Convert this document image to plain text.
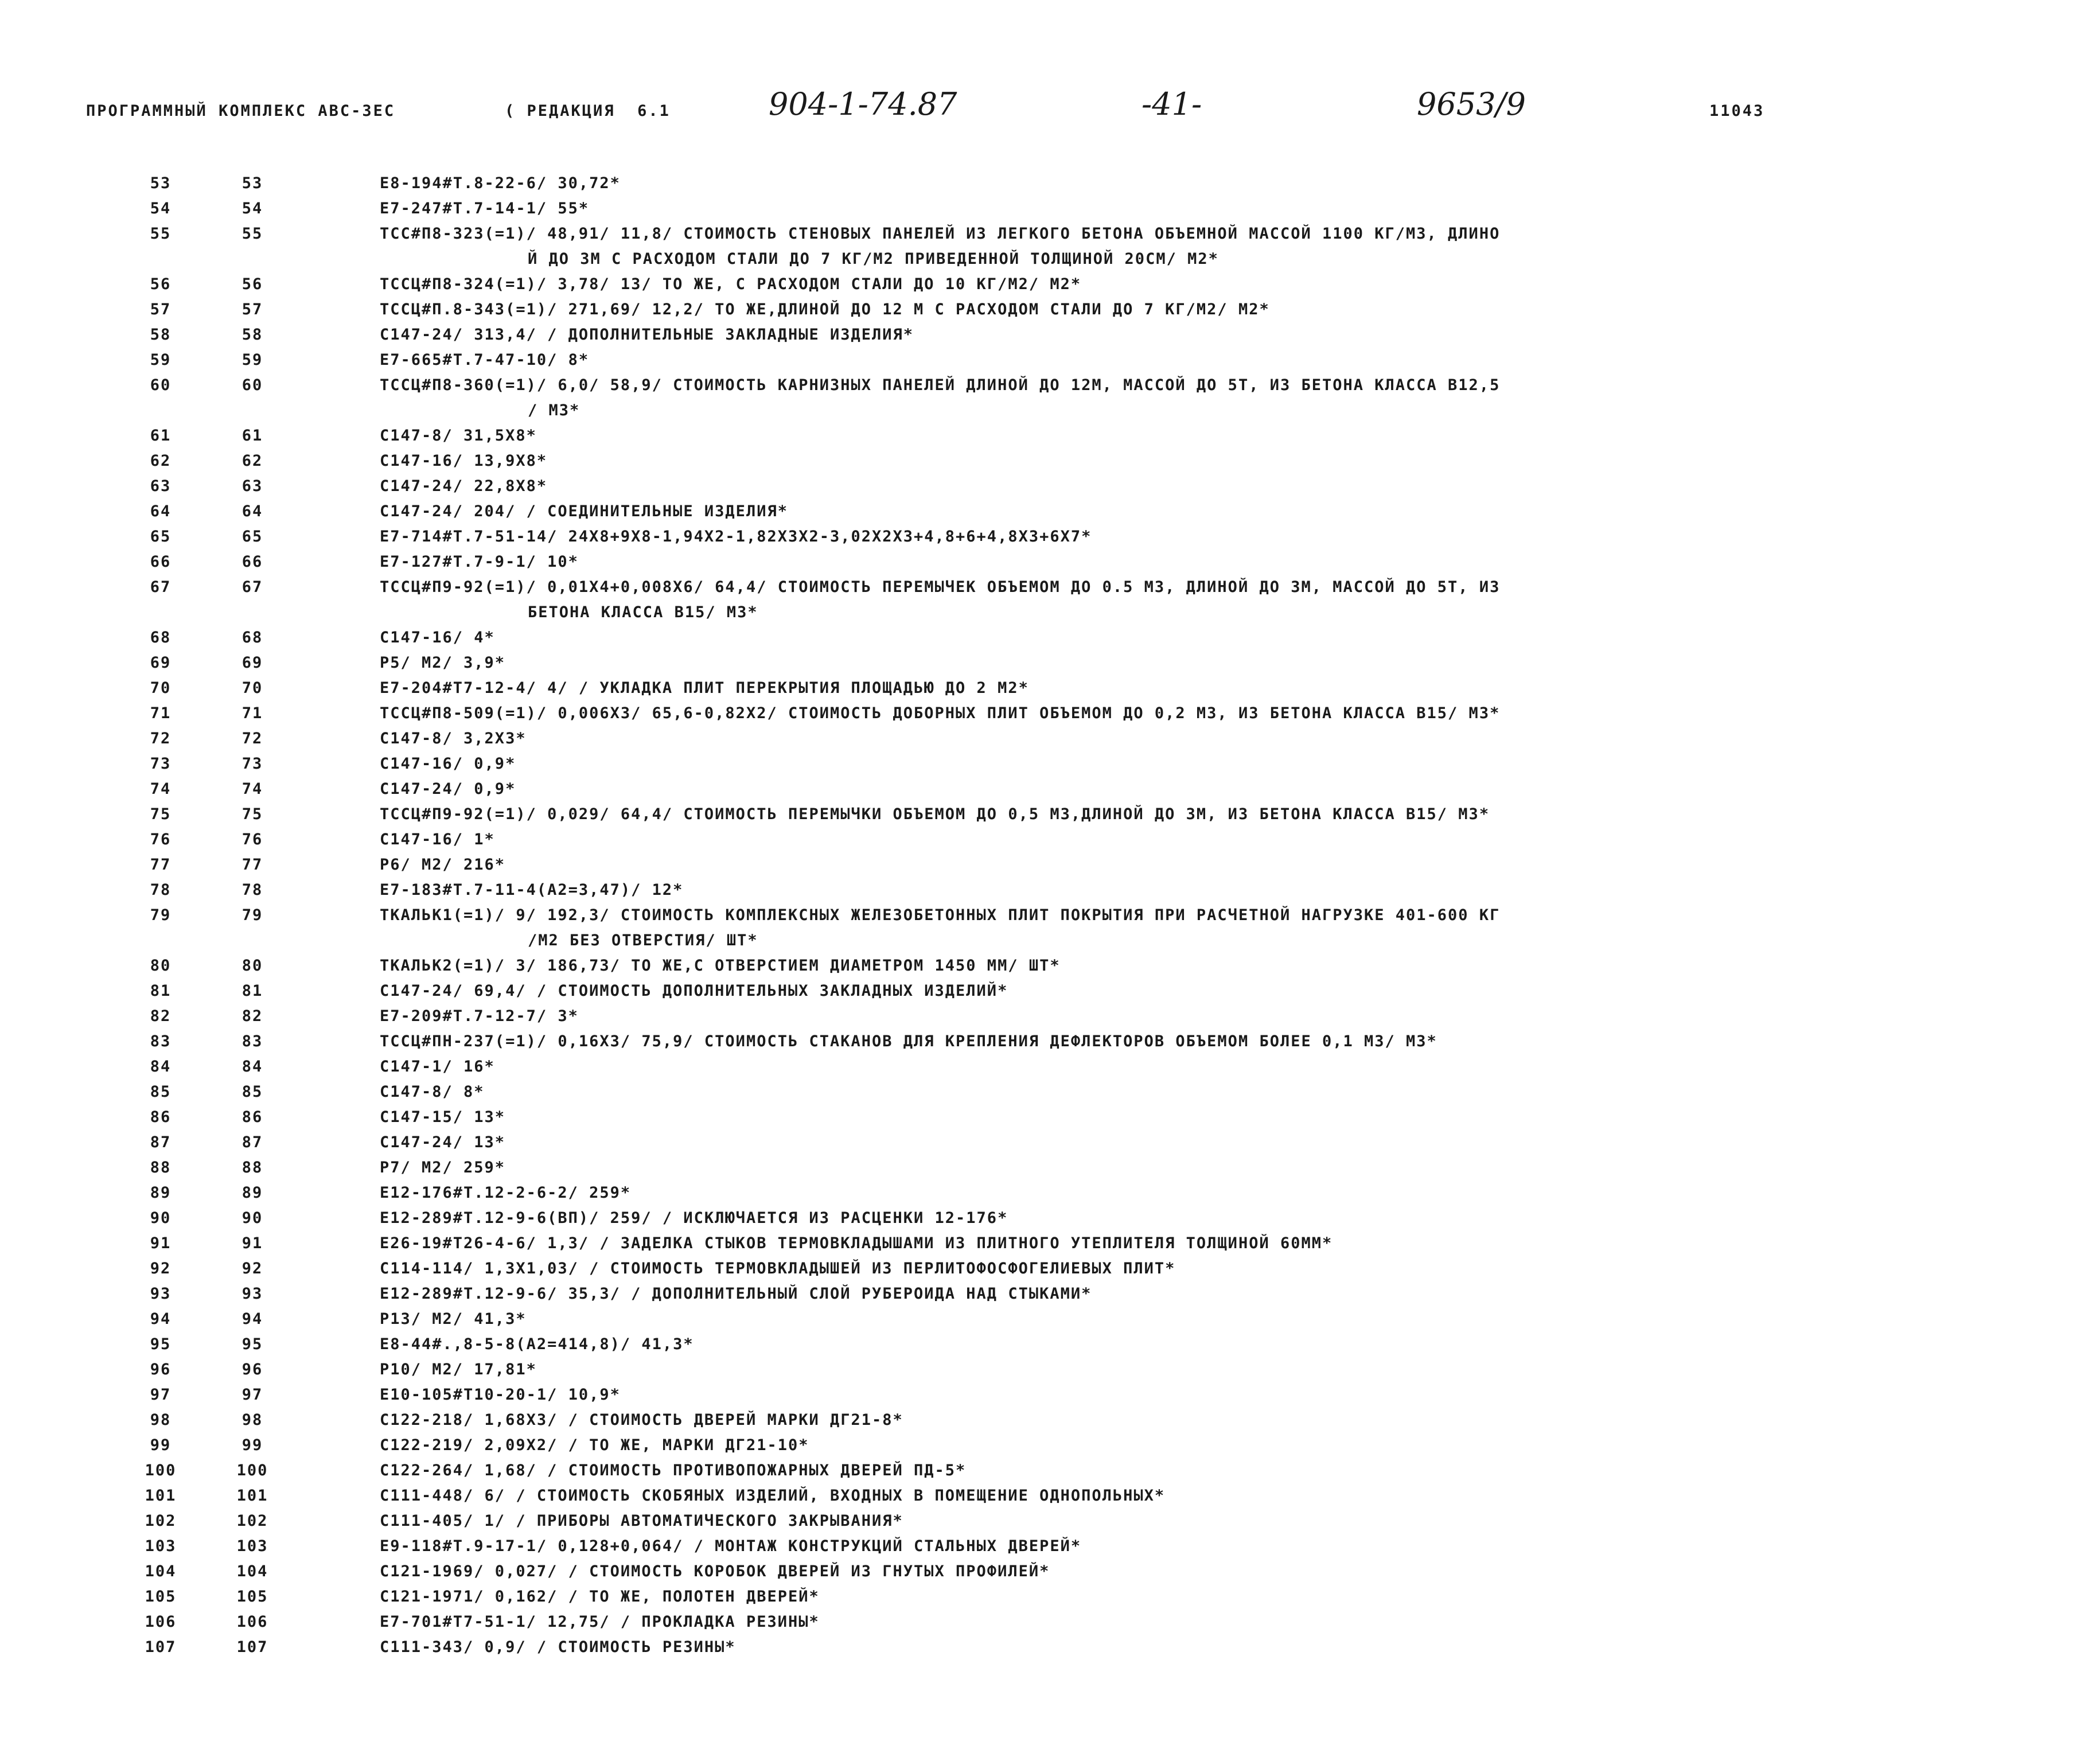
ПРОГРАММНЫЙ КОМПЛЕКС АВС-3ЕС	( РЕДАКЦИЯ  6.1	904-1-74.87	-41-	9653/9	11043
53	53	E8-194#T.8-22-6/ 30,72*
54	54	E7-247#T.7-14-1/ 55*
55	55	TCC#П8-323(=1)/ 48,91/ 11,8/ СТОИМОСТЬ СТЕНОВЫХ ПАНЕЛЕЙ ИЗ ЛЕГКОГО БЕТОНА ОБЪЕМНОЙ МАССОЙ 1100 КГ/М3, ДЛИНО
Й ДО 3М С РАСХОДОМ СТАЛИ ДО 7 КГ/М2 ПРИВЕДЕННОЙ ТОЛЩИНОЙ 20СМ/ М2*
56	56	TCCЦ#П8-324(=1)/ 3,78/ 13/ ТО ЖЕ, С РАСХОДОМ СТАЛИ ДО 10 КГ/М2/ М2*
57	57	TCCЦ#П.8-343(=1)/ 271,69/ 12,2/ ТО ЖЕ,ДЛИНОЙ ДО 12 М С РАСХОДОМ СТАЛИ ДО 7 КГ/М2/ М2*
58	58	C147-24/ 313,4/ / ДОПОЛНИТЕЛЬНЫЕ ЗАКЛАДНЫЕ ИЗДЕЛИЯ*
59	59	E7-665#T.7-47-10/ 8*
60	60	TCCЦ#П8-360(=1)/ 6,0/ 58,9/ СТОИМОСТЬ КАРНИЗНЫХ ПАНЕЛЕЙ ДЛИНОЙ ДО 12М, МАССОЙ ДО 5Т, ИЗ БЕТОНА КЛАССА В12,5
/ М3*
61	61	C147-8/ 31,5X8*
62	62	C147-16/ 13,9X8*
63	63	C147-24/ 22,8X8*
64	64	C147-24/ 204/ / СОЕДИНИТЕЛЬНЫЕ ИЗДЕЛИЯ*
65	65	E7-714#T.7-51-14/ 24X8+9X8-1,94X2-1,82X3X2-3,02X2X3+4,8+6+4,8X3+6X7*
66	66	E7-127#T.7-9-1/ 10*
67	67	TCCЦ#П9-92(=1)/ 0,01X4+0,008X6/ 64,4/ СТОИМОСТЬ ПЕРЕМЫЧЕК ОБЪЕМОМ ДО 0.5 М3, ДЛИНОЙ ДО 3М, МАССОЙ ДО 5Т, ИЗ
БЕТОНА КЛАССА В15/ М3*
68	68	C147-16/ 4*
69	69	P5/ M2/ 3,9*
70	70	E7-204#T7-12-4/ 4/ / УКЛАДКА ПЛИТ ПЕРЕКРЫТИЯ ПЛОЩАДЬЮ ДО 2 М2*
71	71	TCCЦ#П8-509(=1)/ 0,006X3/ 65,6-0,82X2/ СТОИМОСТЬ ДОБОРНЫХ ПЛИТ ОБЪЕМОМ ДО 0,2 М3, ИЗ БЕТОНА КЛАССА В15/ М3*
72	72	C147-8/ 3,2X3*
73	73	C147-16/ 0,9*
74	74	C147-24/ 0,9*
75	75	TCCЦ#П9-92(=1)/ 0,029/ 64,4/ СТОИМОСТЬ ПЕРЕМЫЧКИ ОБЪЕМОМ ДО 0,5 М3,ДЛИНОЙ ДО 3М, ИЗ БЕТОНА КЛАССА В15/ М3*
76	76	C147-16/ 1*
77	77	P6/ M2/ 216*
78	78	E7-183#T.7-11-4(A2=3,47)/ 12*
79	79	TКАЛЬК1(=1)/ 9/ 192,3/ СТОИМОСТЬ КОМПЛЕКСНЫХ ЖЕЛЕЗОБЕТОННЫХ ПЛИТ ПОКРЫТИЯ ПРИ РАСЧЕТНОЙ НАГРУЗКЕ 401-600 КГ
/М2 БЕЗ ОТВЕРСТИЯ/ ШТ*
80	80	TКАЛЬК2(=1)/ 3/ 186,73/ ТО ЖЕ,С ОТВЕРСТИЕМ ДИАМЕТРОМ 1450 ММ/ ШТ*
81	81	C147-24/ 69,4/ / СТОИМОСТЬ ДОПОЛНИТЕЛЬНЫХ ЗАКЛАДНЫХ ИЗДЕЛИЙ*
82	82	E7-209#T.7-12-7/ 3*
83	83	TCCЦ#ПН-237(=1)/ 0,16X3/ 75,9/ СТОИМОСТЬ СТАКАНОВ ДЛЯ КРЕПЛЕНИЯ ДЕФЛЕКТОРОВ ОБЪЕМОМ БОЛЕЕ 0,1 М3/ М3*
84	84	C147-1/ 16*
85	85	C147-8/ 8*
86	86	C147-15/ 13*
87	87	C147-24/ 13*
88	88	P7/ M2/ 259*
89	89	E12-176#T.12-2-6-2/ 259*
90	90	E12-289#T.12-9-6(ВП)/ 259/ / ИСКЛЮЧАЕТСЯ ИЗ РАСЦЕНКИ 12-176*
91	91	E26-19#T26-4-6/ 1,3/ / ЗАДЕЛКА СТЫКОВ ТЕРМОВКЛАДЫШАМИ ИЗ ПЛИТНОГО УТЕПЛИТЕЛЯ ТОЛЩИНОЙ 60ММ*
92	92	C114-114/ 1,3X1,03/ / СТОИМОСТЬ ТЕРМОВКЛАДЫШЕЙ ИЗ ПЕРЛИТОФОСФОГЕЛИЕВЫХ ПЛИТ*
93	93	E12-289#T.12-9-6/ 35,3/ / ДОПОЛНИТЕЛЬНЫЙ СЛОЙ РУБЕРОИДА НАД СТЫКАМИ*
94	94	P13/ M2/ 41,3*
95	95	E8-44#.,8-5-8(A2=414,8)/ 41,3*
96	96	P10/ M2/ 17,81*
97	97	E10-105#T10-20-1/ 10,9*
98	98	C122-218/ 1,68X3/ / СТОИМОСТЬ ДВЕРЕЙ МАРКИ ДГ21-8*
99	99	C122-219/ 2,09X2/ / ТО ЖЕ, МАРКИ ДГ21-10*
100	100	C122-264/ 1,68/ / СТОИМОСТЬ ПРОТИВОПОЖАРНЫХ ДВЕРЕЙ ПД-5*
101	101	C111-448/ 6/ / СТОИМОСТЬ СКОБЯНЫХ ИЗДЕЛИЙ, ВХОДНЫХ В ПОМЕЩЕНИЕ ОДНОПОЛЬНЫХ*
102	102	C111-405/ 1/ / ПРИБОРЫ АВТОМАТИЧЕСКОГО ЗАКРЫВАНИЯ*
103	103	E9-118#T.9-17-1/ 0,128+0,064/ / МОНТАЖ КОНСТРУКЦИЙ СТАЛЬНЫХ ДВЕРЕЙ*
104	104	C121-1969/ 0,027/ / СТОИМОСТЬ КОРОБОК ДВЕРЕЙ ИЗ ГНУТЫХ ПРОФИЛЕЙ*
105	105	C121-1971/ 0,162/ / ТО ЖЕ, ПОЛОТЕН ДВЕРЕЙ*
106	106	E7-701#T7-51-1/ 12,75/ / ПРОКЛАДКА РЕЗИНЫ*
107	107	C111-343/ 0,9/ / СТОИМОСТЬ РЕЗИНЫ*
